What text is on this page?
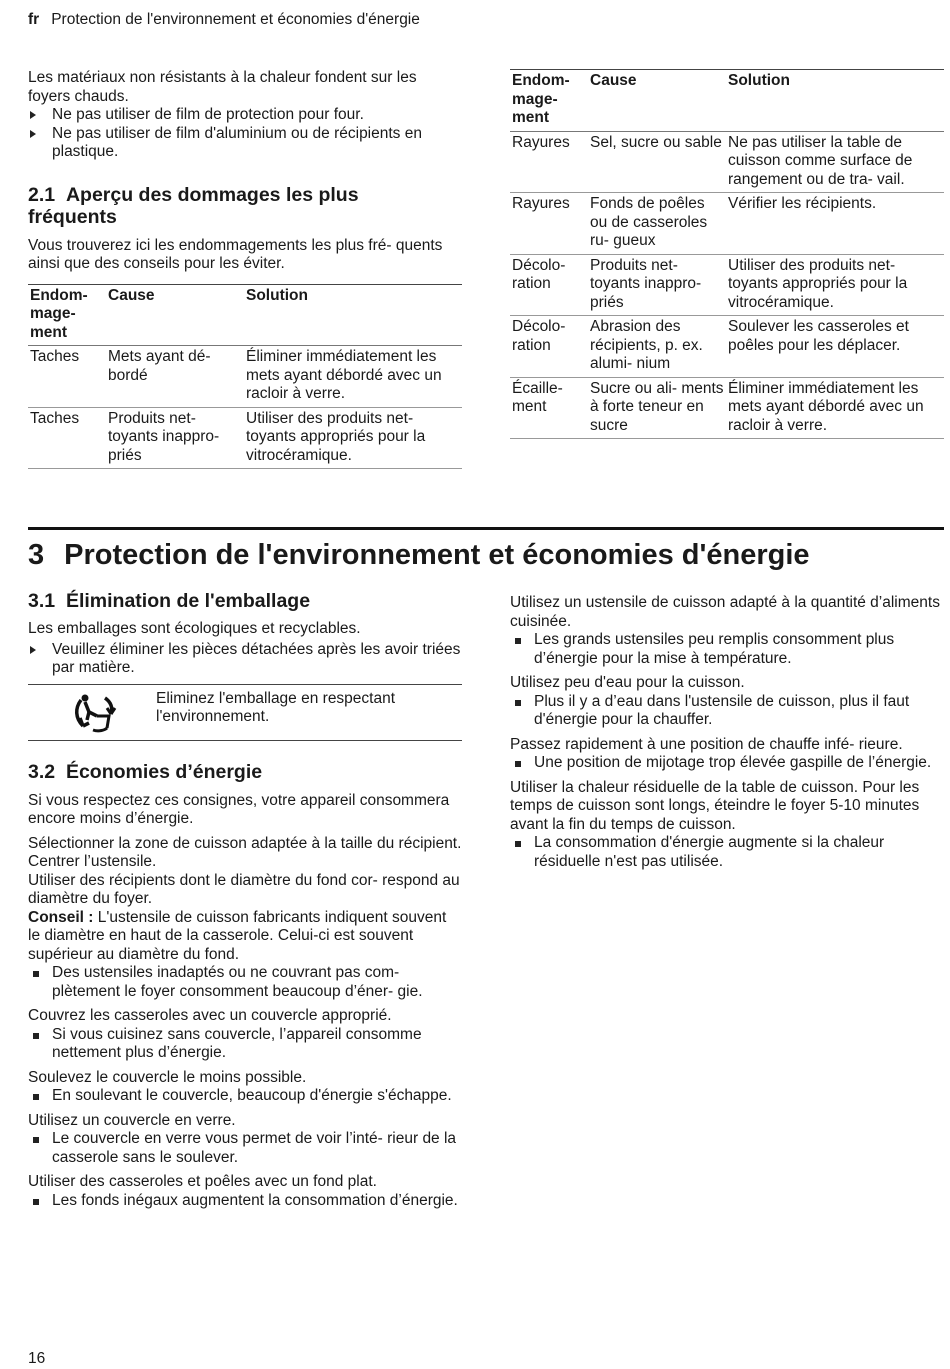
fr Protection de l'environnement et économies d'énergie

Les matériaux non résistants à la chaleur fondent sur les foyers chauds.

Ne pas utiliser de film de protection pour four.
Ne pas utiliser de film d'aluminium ou de récipients en plastique.
2.1 Aperçu des dommages les plus fréquents

Vous trouverez ici les endommagements les plus fré- quents ainsi que des conseils pour les éviter.

Endom- mage- ment	Cause	Solution
Taches	Mets ayant dé- bordé	Éliminer immédiatement les mets ayant débordé avec un racloir à verre.
Taches	Produits net- toyants inappro- priés	Utiliser des produits net- toyants appropriés pour la vitrocéramique.
Endom- mage- ment	Cause	Solution
Rayures	Sel, sucre ou sable	Ne pas utiliser la table de cuisson comme surface de rangement ou de tra- vail.
Rayures	Fonds de poêles ou de casseroles ru- gueux	Vérifier les récipients.
Décolo- ration	Produits net- toyants inappro- priés	Utiliser des produits net- toyants appropriés pour la vitrocéramique.
Décolo- ration	Abrasion des récipients, p. ex. alumi- nium	Soulever les casseroles et poêles pour les déplacer.
Écaille- ment	Sucre ou ali- ments à forte teneur en sucre	Éliminer immédiatement les mets ayant débordé avec un racloir à verre.
3 Protection de l'environnement et économies d'énergie
3.1 Élimination de l'emballage

Les emballages sont écologiques et recyclables.

Veuillez éliminer les pièces détachées après les avoir triées par matière.
Eliminez l'emballage en respectant l'environnement.
3.2 Économies d’énergie

Si vous respectez ces consignes, votre appareil consommera encore moins d’énergie.

Sélectionner la zone de cuisson adaptée à la taille du récipient. Centrer l’ustensile.

Utiliser des récipients dont le diamètre du fond cor- respond au diamètre du foyer.

Conseil : L'ustensile de cuisson fabricants indiquent souvent le diamètre en haut de la casserole. Celui-ci est souvent supérieur au diamètre du fond.

Des ustensiles inadaptés ou ne couvrant pas com- plètement le foyer consomment beaucoup d’éner- gie.

Couvrez les casseroles avec un couvercle approprié.

Si vous cuisinez sans couvercle, l’appareil consomme nettement plus d’énergie.

Soulevez le couvercle le moins possible.

En soulevant le couvercle, beaucoup d'énergie s'échappe.

Utilisez un couvercle en verre.

Le couvercle en verre vous permet de voir l’inté- rieur de la casserole sans le soulever.

Utiliser des casseroles et poêles avec un fond plat.

Les fonds inégaux augmentent la consommation d’énergie.

Utilisez un ustensile de cuisson adapté à la quantité d’aliments cuisinée.

Les grands ustensiles peu remplis consomment plus d’énergie pour la mise à température.

Utilisez peu d'eau pour la cuisson.

Plus il y a d’eau dans l'ustensile de cuisson, plus il faut d'énergie pour la chauffer.

Passez rapidement à une position de chauffe infé- rieure.

Une position de mijotage trop élevée gaspille de l’énergie.

Utiliser la chaleur résiduelle de la table de cuisson. Pour les temps de cuisson sont longs, éteindre le foyer 5-10 minutes avant la fin du temps de cuisson.

La consommation d'énergie augmente si la chaleur résiduelle n'est pas utilisée.
16
